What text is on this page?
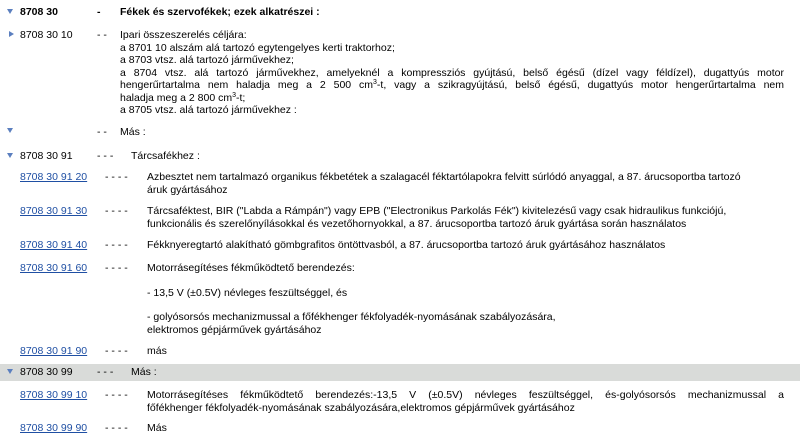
8708 30	- Fékek és szervofékek; ezek alkatrészei :
8708 30 10 - - Ipari összeszerelés céljára:
a 8701 10 alszám alá tartozó egytengelyes kerti traktorhoz;
a 8703 vtsz. alá tartozó járművekhez;
a 8704 vtsz. alá tartozó járművekhez, amelyeknél a kompressziós gyújtású, belső égésű (dízel vagy féldízel), dugattyús motor
hengerűrtartalma nem haladja meg a 2 500 $cm^3-t$, vagy a szikragyújtású, belső égésű, dugattyús motor hengerűrtartalma nem
haladja meg a 2 800 $cm^3-t$;
a 8705 vtsz. alá tartozó járművekhez :
- - Más :
8708 30 91 - - - Tárcsafékhez :
8708 30 91 20 - - - - Azbesztet nem tartalmazó organikus fékbetétek a szalagacél féktartólapokra felvitt súrlódó anyaggal, a 87. árucsoportba tartozó
áruk gyártásához
8708 30 91 30 - - - - Tárcsaféktest, BIR ("Labda a Rámpán") vagy EPB ("Electronikus Parkolás Fék") kivitelezésű vagy csak hidraulikus funkciójú,
funkcionális és szerelőnyílásokkal és vezetőhornyokkal, a 87. árucsoportba tartozó áruk gyártása során használatos
8708 30 91 40 - - - - Fékknyeregtartó alakítható gömbgrafitos öntöttvasból, a 87. árucsoportba tartozó áruk gyártásához használatos
8708 30 91 60 - - - - Motorrásegítéses fékműködtető berendezés:
- 13,5 V (±0.5V) névleges feszültséggel, és
- golyósorsós mechanizmussal a főfékhenger fékfolyadék-nyomásának szabályozására,
elektromos gépjárművek gyártásához
8708 30 91 90 - - - - más
8708 30 99 - - - Más :
8708 30 99 10 - - - - Motorrásegítéses fékműködtető berendezés:-13,5 V (±0.5V) névleges feszültséggel, és-golyósorsós mechanizmussal a
főfékhenger fékfolyadék-nyomásának szabályozására,elektromos gépjárművek gyártásához
8708 30 99 90 - - - - Más
